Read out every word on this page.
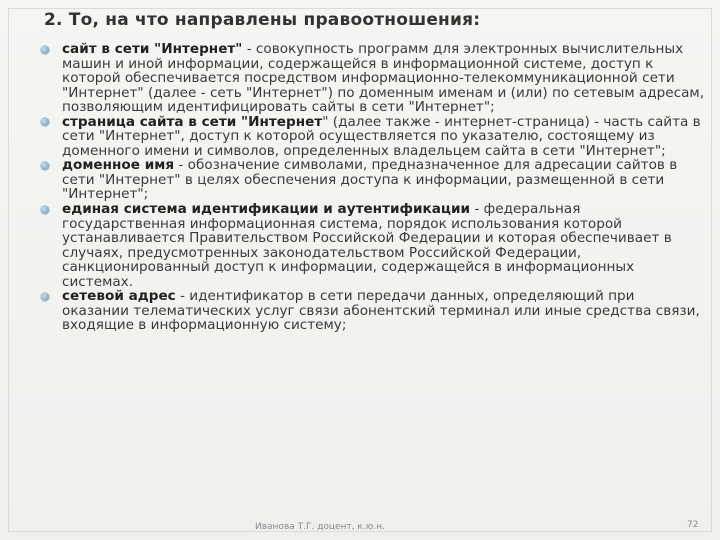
2. То, на что направлены правоотношения:
сайт в сети "Интернет" - совокупность программ для электронных вычислительных машин и иной информации, содержащейся в информационной системе, доступ к которой обеспечивается посредством информационно-телекоммуникационной сети "Интернет" (далее - сеть "Интернет") по доменным именам и (или) по сетевым адресам, позволяющим идентифицировать сайты в сети "Интернет";
страница сайта в сети "Интернет" (далее также - интернет-страница) - часть сайта в сети "Интернет", доступ к которой осуществляется по указателю, состоящему из доменного имени и символов, определенных владельцем сайта в сети "Интернет";
доменное имя - обозначение символами, предназначенное для адресации сайтов в сети "Интернет" в целях обеспечения доступа к информации, размещенной в сети "Интернет";
единая система идентификации и аутентификации - федеральная государственная информационная система, порядок использования которой устанавливается Правительством Российской Федерации и которая обеспечивает в случаях, предусмотренных законодательством Российской Федерации, санкционированный доступ к информации, содержащейся в информационных системах.
сетевой адрес - идентификатор в сети передачи данных, определяющий при оказании телематических услуг связи абонентский терминал или иные средства связи, входящие в информационную систему;
Иванова Т.Г. доцент, к.ю.н.	72
